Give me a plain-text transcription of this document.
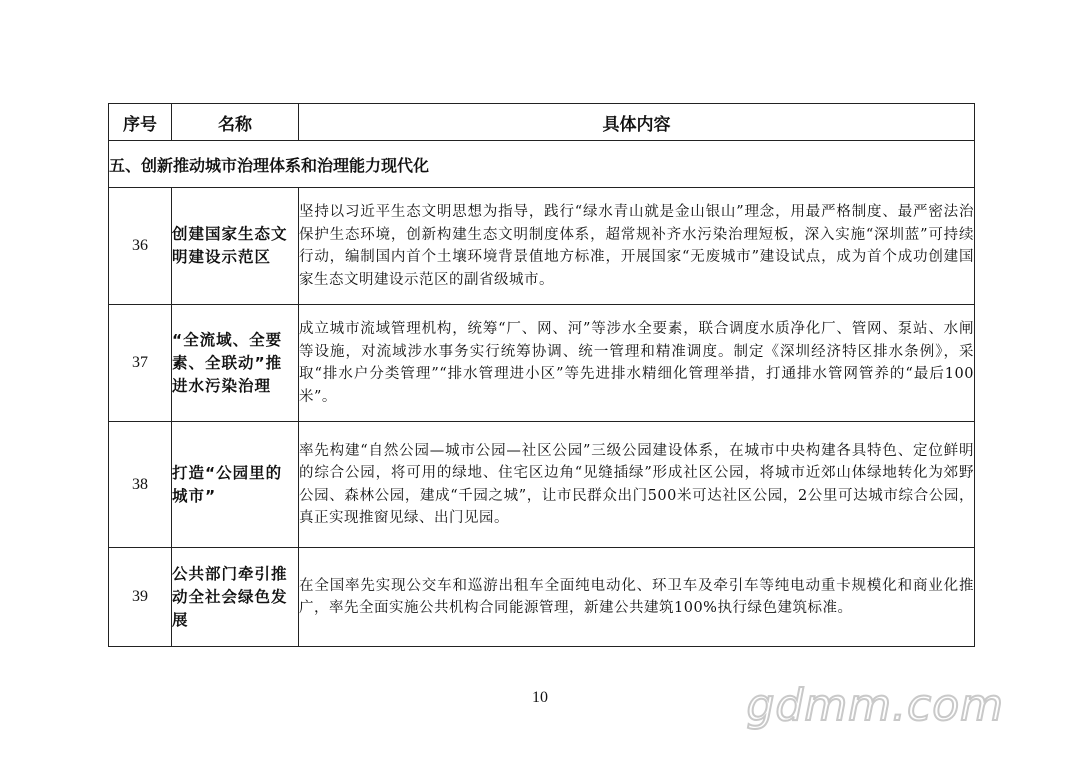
序号	名称	具体内容
五、创新推动城市治理体系和治理能力现代化		
36	创建国家生态文明建设示范区	坚持以习近平生态文明思想为指导，践行“绿水青山就是金山银山”理念，用最严格制度、最严密法治保护生态环境，创新构建生态文明制度体系，超常规补齐水污染治理短板，深入实施“深圳蓝”可持续行动，编制国内首个土壤环境背景值地方标准，开展国家“无废城市”建设试点，成为首个成功创建国家生态文明建设示范区的副省级城市。
37	“全流域、全要素、全联动”推进水污染治理	成立城市流域管理机构，统筹“厂、网、河”等涉水全要素，联合调度水质净化厂、管网、泵站、水闸等设施，对流域涉水事务实行统筹协调、统一管理和精准调度。制定《深圳经济特区排水条例》，采取“排水户分类管理”“排水管理进小区”等先进排水精细化管理举措，打通排水管网管养的“最后100米”。
38	打造“公园里的城市”	率先构建“自然公园—城市公园—社区公园”三级公园建设体系，在城市中央构建各具特色、定位鲜明的综合公园，将可用的绿地、住宅区边角“见缝插绿”形成社区公园，将城市近郊山体绿地转化为郊野公园、森林公园，建成“千园之城”，让市民群众出门500米可达社区公园，2公里可达城市综合公园，真正实现推窗见绿、出门见园。
39	公共部门牵引推动全社会绿色发展	在全国率先实现公交车和巡游出租车全面纯电动化、环卫车及牵引车等纯电动重卡规模化和商业化推广，率先全面实施公共机构合同能源管理，新建公共建筑100%执行绿色建筑标准。
10	gdmm.com
